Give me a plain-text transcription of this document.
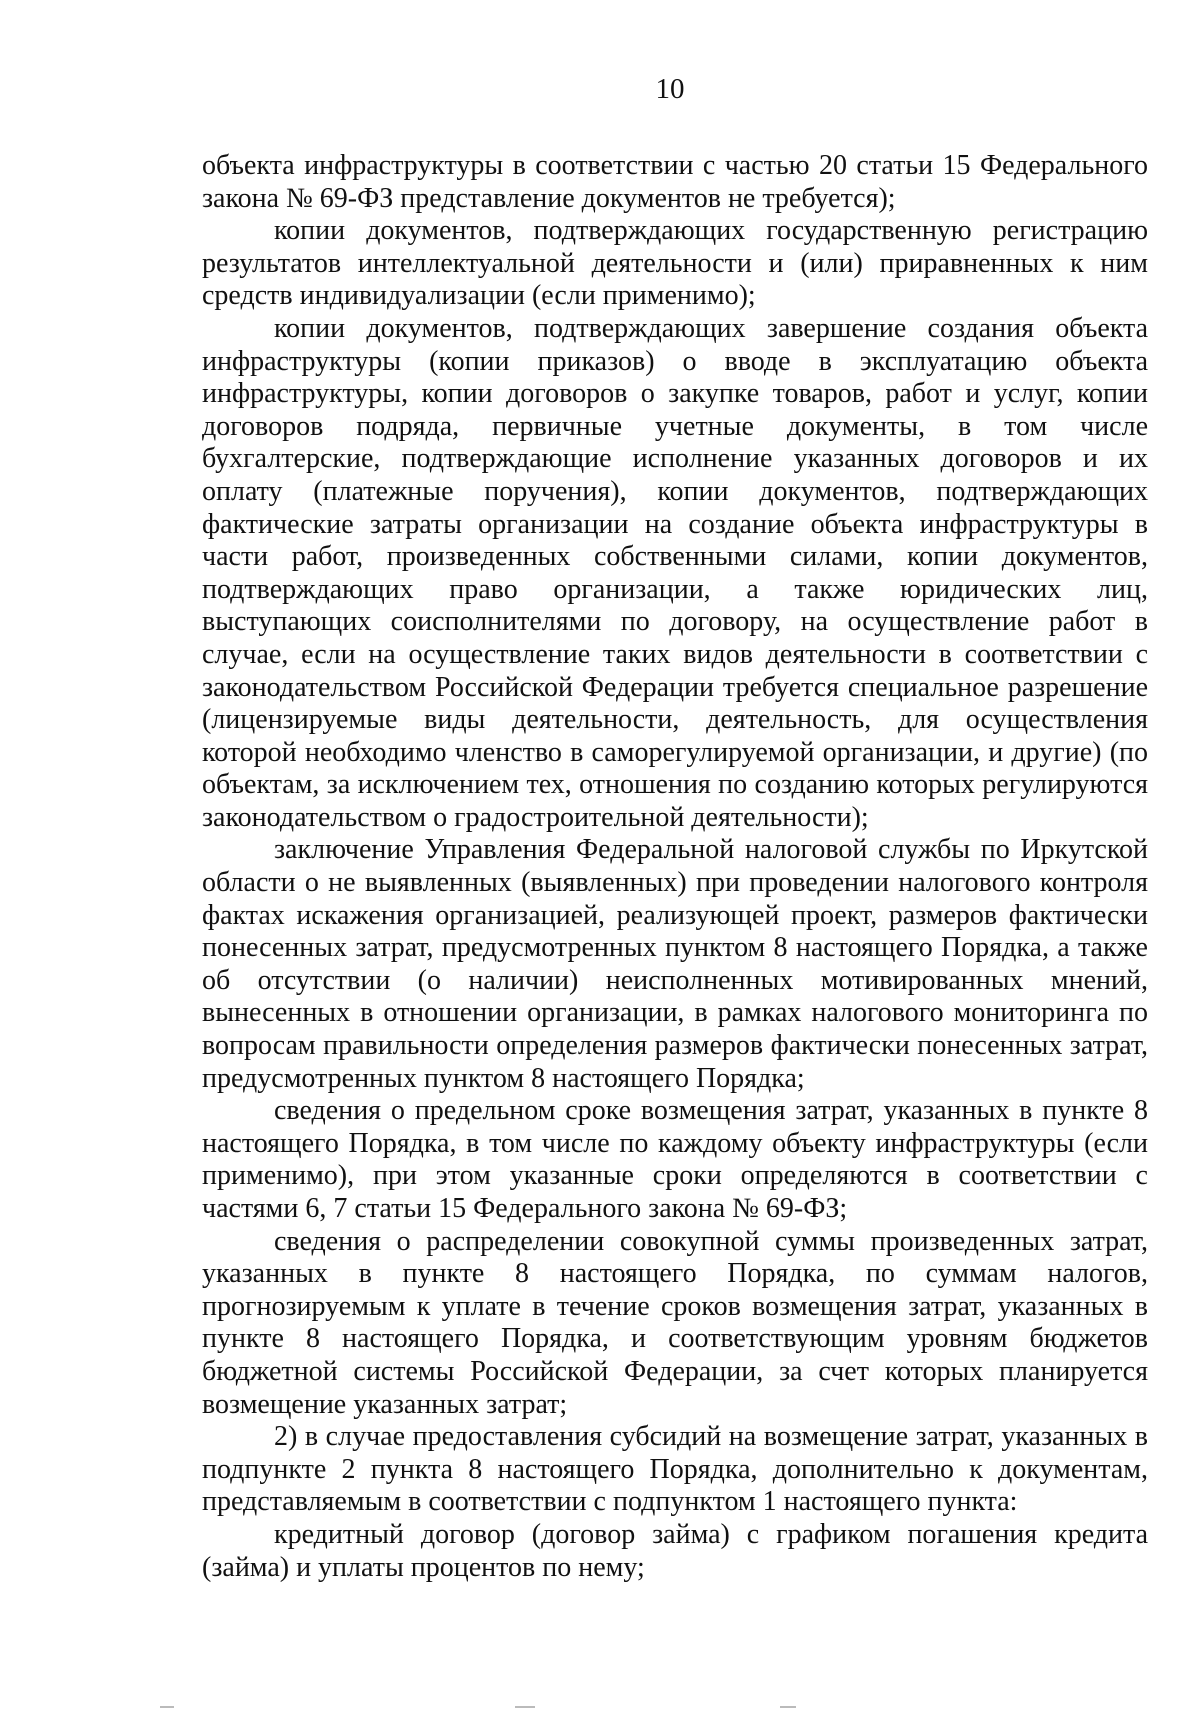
10

объекта инфраструктуры в соответствии с частью 20 статьи 15 Федерального закона № 69-ФЗ представление документов не требуется);

копии документов, подтверждающих государственную регистрацию результатов интеллектуальной деятельности и (или) приравненных к ним средств индивидуализации (если применимо);

копии документов, подтверждающих завершение создания объекта инфраструктуры (копии приказов) о вводе в эксплуатацию объекта инфраструктуры, копии договоров о закупке товаров, работ и услуг, копии договоров подряда, первичные учетные документы, в том числе бухгалтерские, подтверждающие исполнение указанных договоров и их оплату (платежные поручения), копии документов, подтверждающих фактические затраты организации на создание объекта инфраструктуры в части работ, произведенных собственными силами, копии документов, подтверждающих право организации, а также юридических лиц, выступающих соисполнителями по договору, на осуществление работ в случае, если на осуществление таких видов деятельности в соответствии с законодательством Российской Федерации требуется специальное разрешение (лицензируемые виды деятельности, деятельность, для осуществления которой необходимо членство в саморегулируемой организации, и другие) (по объектам, за исключением тех, отношения по созданию которых регулируются законодательством о градостроительной деятельности);

заключение Управления Федеральной налоговой службы по Иркутской области о не выявленных (выявленных) при проведении налогового контроля фактах искажения организацией, реализующей проект, размеров фактически понесенных затрат, предусмотренных пунктом 8 настоящего Порядка, а также об отсутствии (о наличии) неисполненных мотивированных мнений, вынесенных в отношении организации, в рамках налогового мониторинга по вопросам правильности определения размеров фактически понесенных затрат, предусмотренных пунктом 8 настоящего Порядка;

сведения о предельном сроке возмещения затрат, указанных в пункте 8 настоящего Порядка, в том числе по каждому объекту инфраструктуры (если применимо), при этом указанные сроки определяются в соответствии с частями 6, 7 статьи 15 Федерального закона № 69-ФЗ;

сведения о распределении совокупной суммы произведенных затрат, указанных в пункте 8 настоящего Порядка, по суммам налогов, прогнозируемым к уплате в течение сроков возмещения затрат, указанных в пункте 8 настоящего Порядка, и соответствующим уровням бюджетов бюджетной системы Российской Федерации, за счет которых планируется возмещение указанных затрат;

2) в случае предоставления субсидий на возмещение затрат, указанных в подпункте 2 пункта 8 настоящего Порядка, дополнительно к документам, представляемым в соответствии с подпунктом 1 настоящего пункта:

кредитный договор (договор займа) с графиком погашения кредита (займа) и уплаты процентов по нему;
